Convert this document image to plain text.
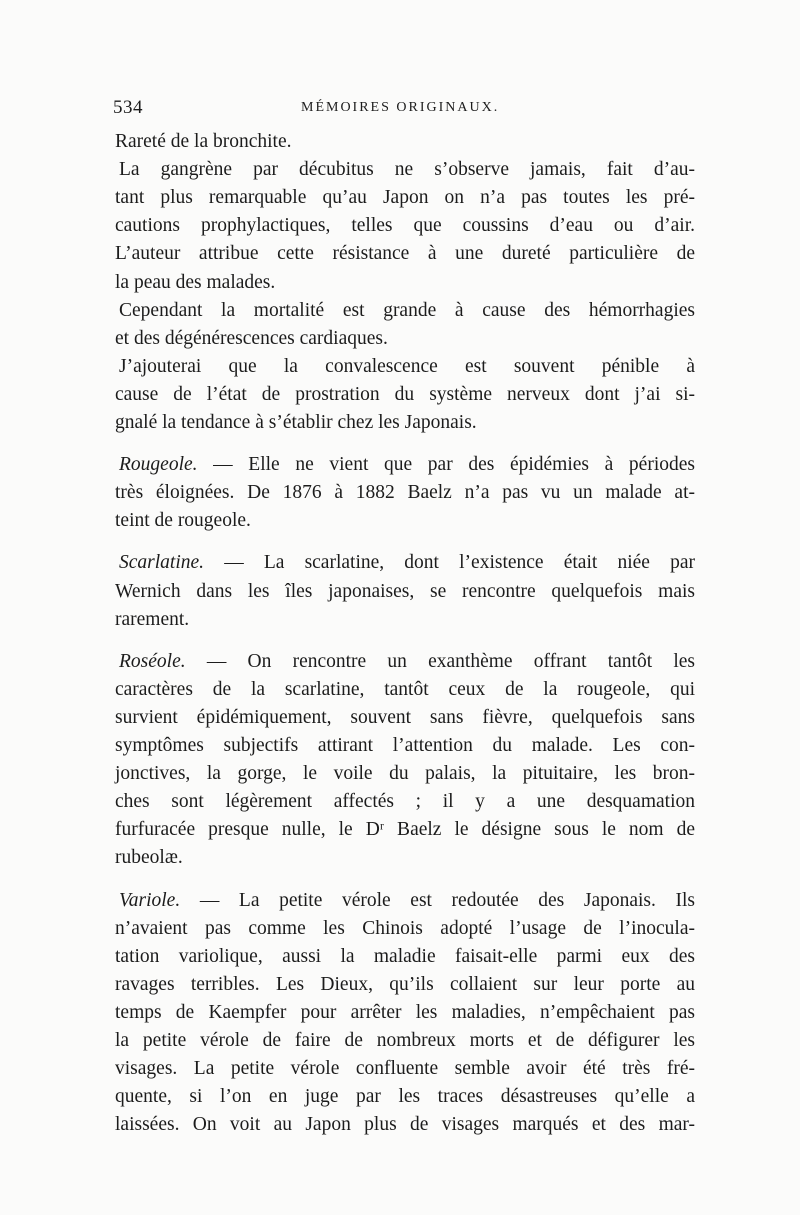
534	MÉMOIRES ORIGINAUX.
Rareté de la bronchite.
La gangrène par décubitus ne s’observe jamais, fait d’au-
tant plus remarquable qu’au Japon on n’a pas toutes les pré-
cautions prophylactiques, telles que coussins d’eau ou d’air.
L’auteur attribue cette résistance à une dureté particulière de
la peau des malades.
Cependant la mortalité est grande à cause des hémorrhagies
et des dégénérescences cardiaques.
J’ajouterai que la convalescence est souvent pénible à
cause de l’état de prostration du système nerveux dont j’ai si-
gnalé la tendance à s’établir chez les Japonais.
Rougeole. — Elle ne vient que par des épidémies à périodes
très éloignées. De 1876 à 1882 Baelz n’a pas vu un malade at-
teint de rougeole.
Scarlatine. — La scarlatine, dont l’existence était niée par
Wernich dans les îles japonaises, se rencontre quelquefois mais
rarement.
Roséole. — On rencontre un exanthème offrant tantôt les
caractères de la scarlatine, tantôt ceux de la rougeole, qui
survient épidémiquement, souvent sans fièvre, quelquefois sans
symptômes subjectifs attirant l’attention du malade. Les con-
jonctives, la gorge, le voile du palais, la pituitaire, les bron-
ches sont légèrement affectés ; il y a une desquamation
furfuracée presque nulle, le Dʳ Baelz le désigne sous le nom de
rubeolæ.
Variole. — La petite vérole est redoutée des Japonais. Ils
n’avaient pas comme les Chinois adopté l’usage de l’inocula-
tation variolique, aussi la maladie faisait-elle parmi eux des
ravages terribles. Les Dieux, qu’ils collaient sur leur porte au
temps de Kaempfer pour arrêter les maladies, n’empêchaient pas
la petite vérole de faire de nombreux morts et de défigurer les
visages. La petite vérole confluente semble avoir été très fré-
quente, si l’on en juge par les traces désastreuses qu’elle a
laissées. On voit au Japon plus de visages marqués et des mar-
